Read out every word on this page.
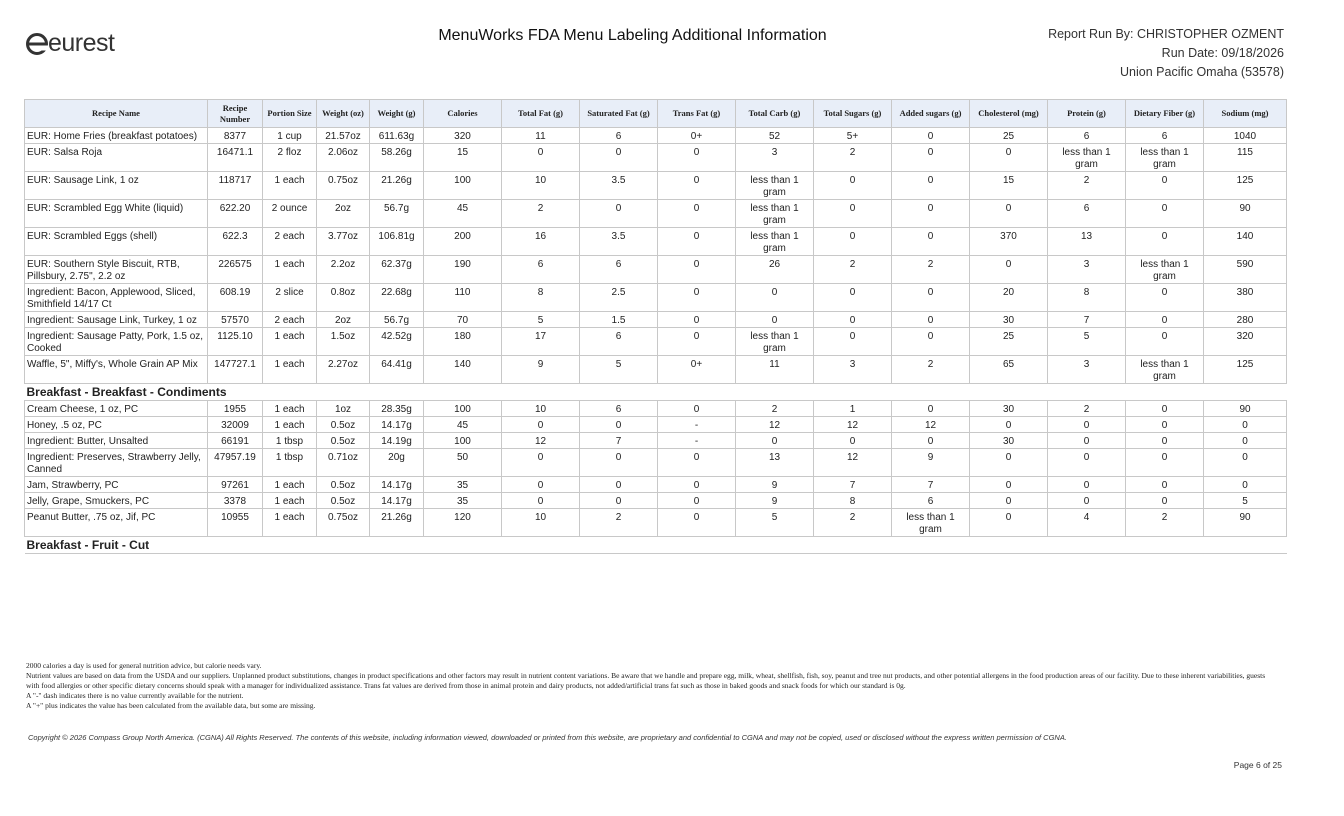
eurest	MenuWorks FDA Menu Labeling Additional Information	Report Run By: CHRISTOPHER OZMENT
Run Date: 09/18/2026
Union Pacific Omaha (53578)
Recipe Name	Recipe Number	Portion Size	Weight (oz)	Weight (g)	Calories	Total Fat (g)	Saturated Fat (g)	Trans Fat (g)	Total Carb (g)	Total Sugars (g)	Added sugars (g)	Cholesterol (mg)	Protein (g)	Dietary Fiber (g)	Sodium (mg)
EUR: Home Fries (breakfast potatoes)	8377	1 cup	21.57oz	611.63g	320	11	6	0+	52	5+	0	25	6	6	1040
EUR: Salsa Roja	16471.1	2 floz	2.06oz	58.26g	15	0	0	0	3	2	0	0	less than 1 gram	less than 1 gram	115
EUR: Sausage Link, 1 oz	118717	1 each	0.75oz	21.26g	100	10	3.5	0	less than 1 gram	0	0	15	2	0	125
EUR: Scrambled Egg White (liquid)	622.20	2 ounce	2oz	56.7g	45	2	0	0	less than 1 gram	0	0	0	6	0	90
EUR: Scrambled Eggs (shell)	622.3	2 each	3.77oz	106.81g	200	16	3.5	0	less than 1 gram	0	0	370	13	0	140
EUR: Southern Style Biscuit, RTB, Pillsbury, 2.75", 2.2 oz	226575	1 each	2.2oz	62.37g	190	6	6	0	26	2	2	0	3	less than 1 gram	590
Ingredient: Bacon, Applewood, Sliced, Smithfield 14/17 Ct	608.19	2 slice	0.8oz	22.68g	110	8	2.5	0	0	0	0	20	8	0	380
Ingredient: Sausage Link, Turkey, 1 oz	57570	2 each	2oz	56.7g	70	5	1.5	0	0	0	0	30	7	0	280
Ingredient: Sausage Patty, Pork, 1.5 oz, Cooked	1125.10	1 each	1.5oz	42.52g	180	17	6	0	less than 1 gram	0	0	25	5	0	320
Waffle, 5", Miffy's, Whole Grain AP Mix	147727.1	1 each	2.27oz	64.41g	140	9	5	0+	11	3	2	65	3	less than 1 gram	125
Breakfast - Breakfast - Condiments															
Cream Cheese, 1 oz, PC	1955	1 each	1oz	28.35g	100	10	6	0	2	1	0	30	2	0	90
Honey, .5 oz, PC	32009	1 each	0.5oz	14.17g	45	0	0	-	12	12	12	0	0	0	0
Ingredient: Butter, Unsalted	66191	1 tbsp	0.5oz	14.19g	100	12	7	-	0	0	0	30	0	0	0
Ingredient: Preserves, Strawberry Jelly, Canned	47957.19	1 tbsp	0.71oz	20g	50	0	0	0	13	12	9	0	0	0	0
Jam, Strawberry, PC	97261	1 each	0.5oz	14.17g	35	0	0	0	9	7	7	0	0	0	0
Jelly, Grape, Smuckers, PC	3378	1 each	0.5oz	14.17g	35	0	0	0	9	8	6	0	0	0	5
Peanut Butter, .75 oz, Jif, PC	10955	1 each	0.75oz	21.26g	120	10	2	0	5	2	less than 1 gram	0	4	2	90
Breakfast - Fruit - Cut															

2000 calories a day is used for general nutrition advice, but calorie needs vary.

Nutrient values are based on data from the USDA and our suppliers. Unplanned product substitutions, changes in product specifications and other factors may result in nutrient content variations. Be aware that we handle and prepare egg, milk, wheat, shellfish, fish, soy, peanut and tree nut products, and other potential allergens in the food production areas of our facility. Due to these inherent variabilities, guests with food allergies or other specific dietary concerns should speak with a manager for individualized assistance. Trans fat values are derived from those in animal protein and dairy products, not added/artificial trans fat such as those in baked goods and snack foods for which our standard is 0g.

A "-" dash indicates there is no value currently available for the nutrient.

A "+" plus indicates the value has been calculated from the available data, but some are missing.

Copyright © 2026 Compass Group North America. (CGNA) All Rights Reserved. The contents of this website, including information viewed, downloaded or printed from this website, are proprietary and confidential to CGNA and may not be copied, used or disclosed without the express written permission of CGNA.
Page 6 of 25
